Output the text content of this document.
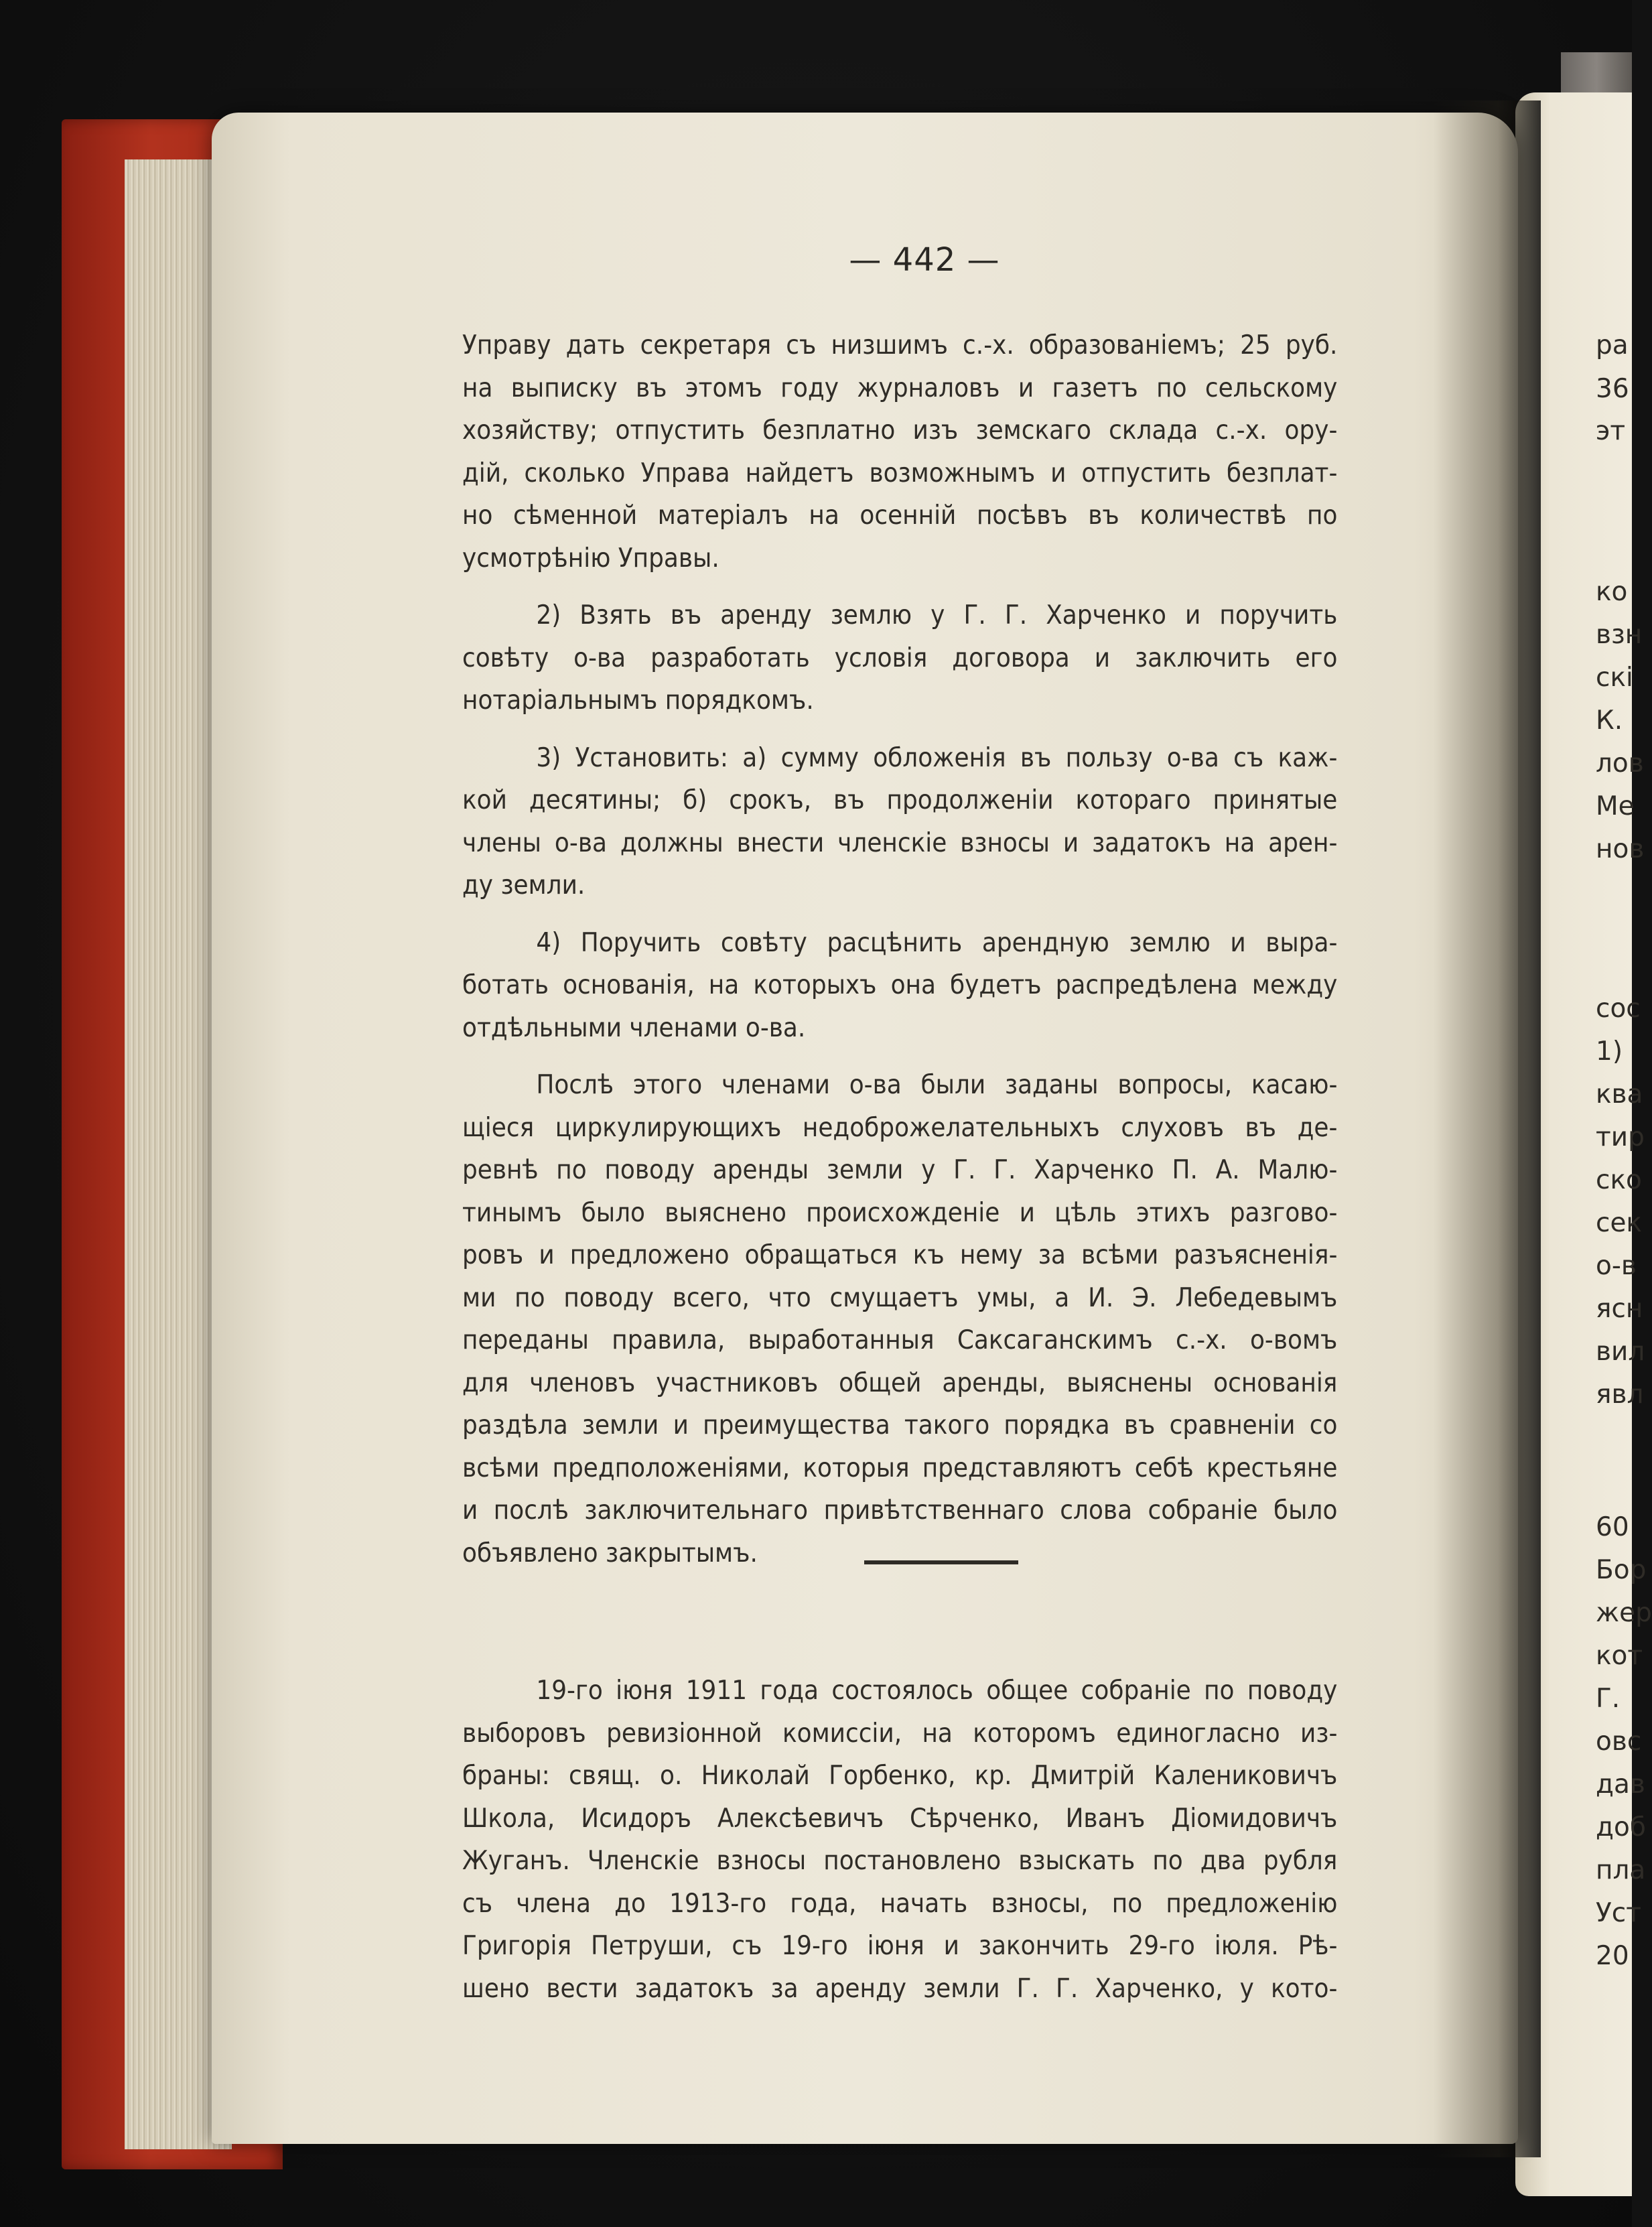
— 442 —

Управу дать секретаря съ низшимъ с.-х. образованіемъ; 25 руб.
на выписку въ этомъ году журналовъ и газетъ по сельскому
хозяйству; отпустить безплатно изъ земскаго склада с.-х. ору-
дій, сколько Управа найдетъ возможнымъ и отпустить безплат-
но сѣменной матеріалъ на осенній посѣвъ въ количествѣ по
усмотрѣнію Управы.

2) Взять въ аренду землю у Г. Г. Харченко и поручить
совѣту о-ва разработать условія договора и заключить его
нотаріальнымъ порядкомъ.

3) Установить: а) сумму обложенія въ пользу о-ва съ каж-
кой десятины; б) срокъ, въ продолженіи котораго принятые
члены о-ва должны внести членскіе взносы и задатокъ на арен-
ду земли.

4) Поручить совѣту расцѣнить арендную землю и выра-
ботать основанія, на которыхъ она будетъ распредѣлена между
отдѣльными членами о-ва.

Послѣ этого членами о-ва были заданы вопросы, касаю-
щіеся циркулирующихъ недоброжелательныхъ слуховъ въ де-
ревнѣ по поводу аренды земли у Г. Г. Харченко П. А. Малю-
тинымъ было выяснено происхожденіе и цѣль этихъ разгово-
ровъ и предложено обращаться къ нему за всѣми разъясненія-
ми по поводу всего, что смущаетъ умы, а И. Э. Лебедевымъ
переданы правила, выработанныя Саксаганскимъ с.-х. о-вомъ
для членовъ участниковъ общей аренды, выяснены основанія
раздѣла земли и преимущества такого порядка въ сравненіи со
всѣми предположеніями, которыя представляютъ себѣ крестьяне
и послѣ заключительнаго привѣтственнаго слова собраніе было
объявлено закрытымъ.

19-го іюня 1911 года состоялось общее собраніе по поводу
выборовъ ревизіонной комиссіи, на которомъ единогласно из-
браны: свящ. о. Николай Горбенко, кр. Дмитрій Калениковичъ
Школа, Исидоръ Алексѣевичъ Сѣрченко, Иванъ Діомидовичъ
Жуганъ. Членскіе взносы постановлено взыскать по два рубля
съ члена до 1913-го года, начать взносы, по предложенію
Григорія Петруши, съ 19-го іюня и закончить 29-го іюля. Рѣ-
шено вести задатокъ за аренду земли Г. Г. Харченко, у кото-

ра
36
эт
ко
взн
скі
К.
лов
Ме
нов
сос
1)
ква
тир
ско
сек
о-в
ясн
вил
явл
60
Бор
жер
кот
Г.
овс
дав
доб
пла
Уст
20
